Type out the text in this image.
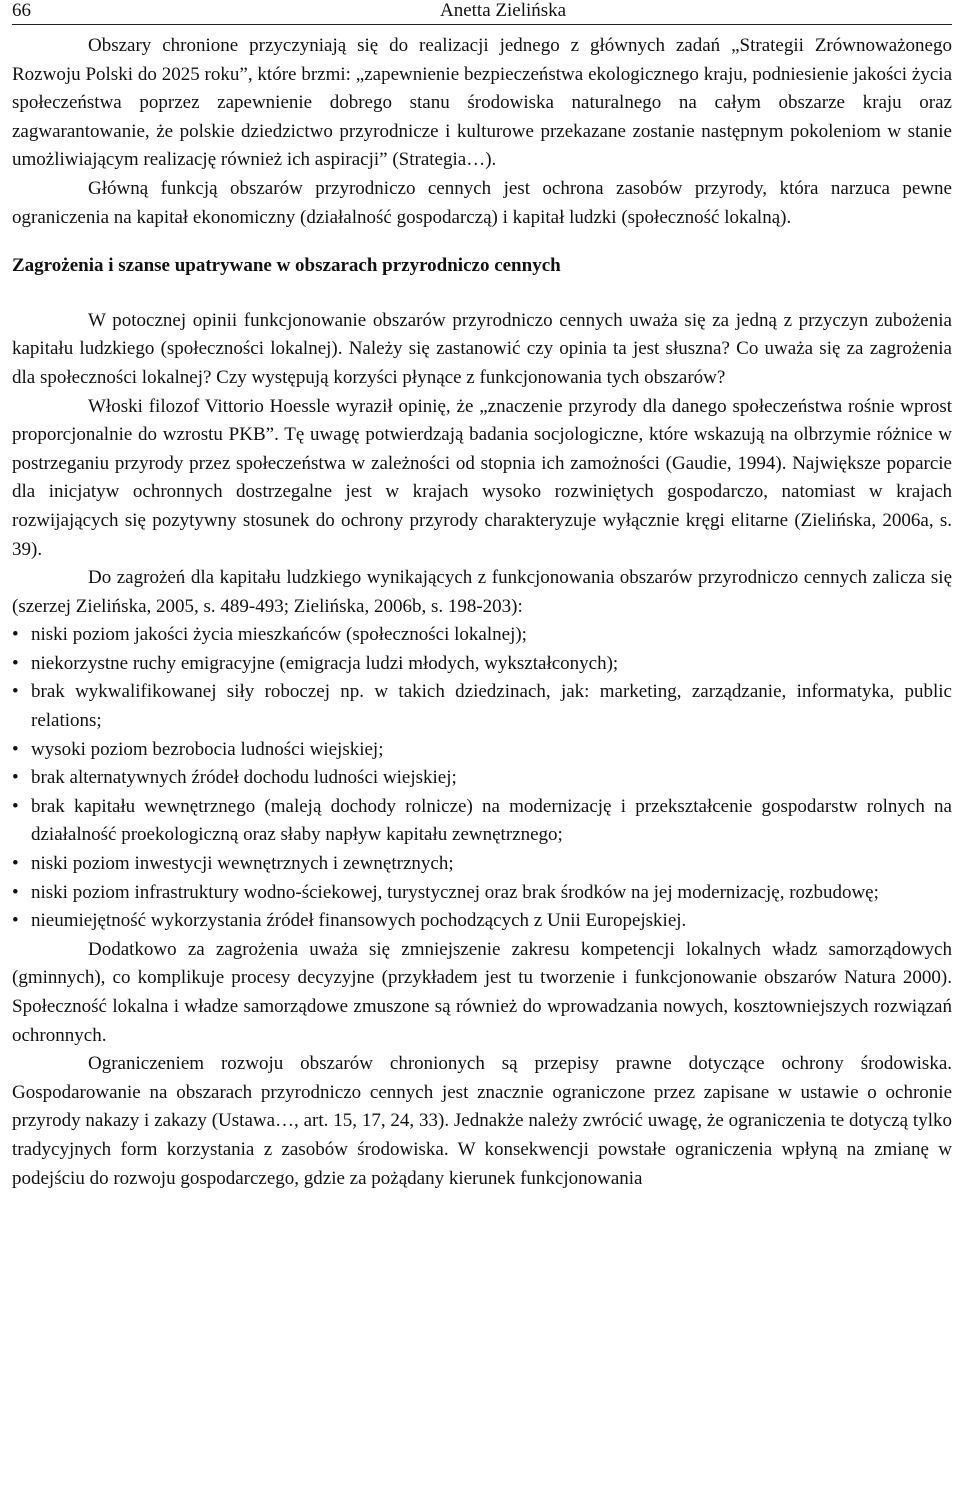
66	Anetta Zielińska

Obszary chronione przyczyniają się do realizacji jednego z głównych zadań „Strategii Zrównoważonego Rozwoju Polski do 2025 roku”, które brzmi: „zapewnienie bezpieczeństwa ekologicznego kraju, podniesienie jakości życia społeczeństwa poprzez zapewnienie dobrego stanu środowiska naturalnego na całym obszarze kraju oraz zagwarantowanie, że polskie dziedzictwo przyrodnicze i kulturowe przekazane zostanie następnym pokoleniom w stanie umożliwiającym realizację również ich aspiracji” (Strategia…).

Główną funkcją obszarów przyrodniczo cennych jest ochrona zasobów przyrody, która narzuca pewne ograniczenia na kapitał ekonomiczny (działalność gospodarczą) i kapitał ludzki (społeczność lokalną).

Zagrożenia i szanse upatrywane w obszarach przyrodniczo cennych

W potocznej opinii funkcjonowanie obszarów przyrodniczo cennych uważa się za jedną z przyczyn zubożenia kapitału ludzkiego (społeczności lokalnej). Należy się zastanowić czy opinia ta jest słuszna? Co uważa się za zagrożenia dla społeczności lokalnej? Czy występują korzyści płynące z funkcjonowania tych obszarów?

Włoski filozof Vittorio Hoessle wyraził opinię, że „znaczenie przyrody dla danego społeczeństwa rośnie wprost proporcjonalnie do wzrostu PKB”. Tę uwagę potwierdzają badania socjologiczne, które wskazują na olbrzymie różnice w postrzeganiu przyrody przez społeczeństwa w zależności od stopnia ich zamożności (Gaudie, 1994). Największe poparcie dla inicjatyw ochronnych dostrzegalne jest w krajach wysoko rozwiniętych gospodarczo, natomiast w krajach rozwijających się pozytywny stosunek do ochrony przyrody charakteryzuje wyłącznie kręgi elitarne (Zielińska, 2006a, s. 39).

Do zagrożeń dla kapitału ludzkiego wynikających z funkcjonowania obszarów przyrodniczo cennych zalicza się (szerzej Zielińska, 2005, s. 489-493; Zielińska, 2006b, s. 198-203):

• niski poziom jakości życia mieszkańców (społeczności lokalnej);
• niekorzystne ruchy emigracyjne (emigracja ludzi młodych, wykształconych);
• brak wykwalifikowanej siły roboczej np. w takich dziedzinach, jak: marketing, zarządzanie, informatyka, public relations;
• wysoki poziom bezrobocia ludności wiejskiej;
• brak alternatywnych źródeł dochodu ludności wiejskiej;
• brak kapitału wewnętrznego (maleją dochody rolnicze) na modernizację i przekształcenie gospodarstw rolnych na działalność proekologiczną oraz słaby napływ kapitału zewnętrznego;
• niski poziom inwestycji wewnętrznych i zewnętrznych;
• niski poziom infrastruktury wodno-ściekowej, turystycznej oraz brak środków na jej modernizację, rozbudowę;
• nieumiejętność wykorzystania źródeł finansowych pochodzących z Unii Europejskiej.

Dodatkowo za zagrożenia uważa się zmniejszenie zakresu kompetencji lokalnych władz samorządowych (gminnych), co komplikuje procesy decyzyjne (przykładem jest tu tworzenie i funkcjonowanie obszarów Natura 2000). Społeczność lokalna i władze samorządowe zmuszone są również do wprowadzania nowych, kosztowniejszych rozwiązań ochronnych.

Ograniczeniem rozwoju obszarów chronionych są przepisy prawne dotyczące ochrony środowiska. Gospodarowanie na obszarach przyrodniczo cennych jest znacznie ograniczone przez zapisane w ustawie o ochronie przyrody nakazy i zakazy (Ustawa…, art. 15, 17, 24, 33). Jednakże należy zwrócić uwagę, że ograniczenia te dotyczą tylko tradycyjnych form korzystania z zasobów środowiska. W konsekwencji powstałe ograniczenia wpłyną na zmianę w podejściu do rozwoju gospodarczego, gdzie za pożądany kierunek funkcjonowania
